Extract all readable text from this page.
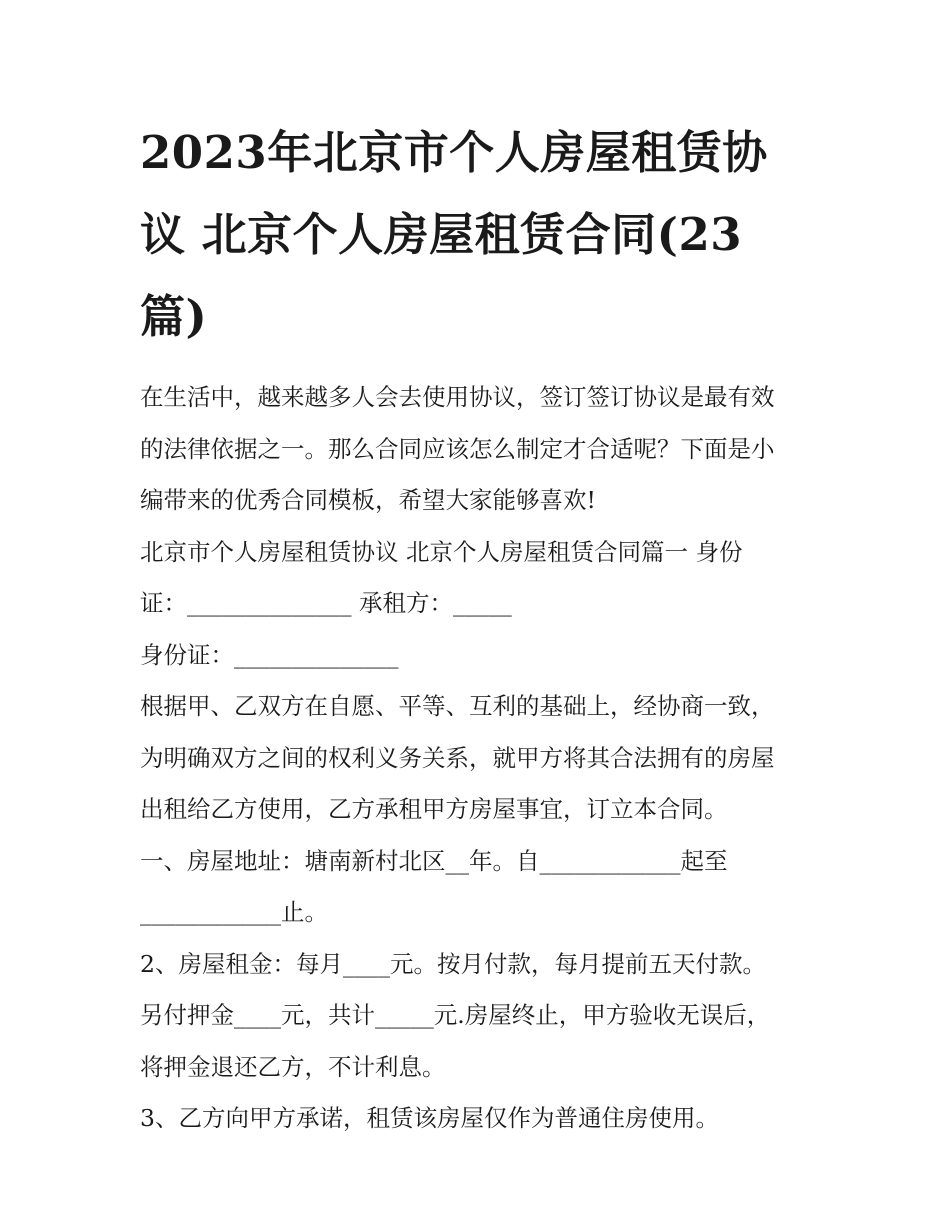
2023年北京市个人房屋租赁协
议 北京个人房屋租赁合同(23
篇)
在生活中，越来越多人会去使用协议，签订签订协议是最有效
的法律依据之一。那么合同应该怎么制定才合适呢？下面是小
编带来的优秀合同模板，希望大家能够喜欢!
北京市个人房屋租赁协议 北京个人房屋租赁合同篇一 身份
证：______________ 承租方：_____
身份证：______________
根据甲、乙双方在自愿、平等、互利的基础上，经协商一致，
为明确双方之间的权利义务关系，就甲方将其合法拥有的房屋
出租给乙方使用，乙方承租甲方房屋事宜，订立本合同。
一、房屋地址：塘南新村北区__年。自____________起至
____________止。
2、房屋租金：每月____元。按月付款，每月提前五天付款。
另付押金____元，共计_____元.房屋终止，甲方验收无误后，
将押金退还乙方，不计利息。
3、乙方向甲方承诺，租赁该房屋仅作为普通住房使用。
